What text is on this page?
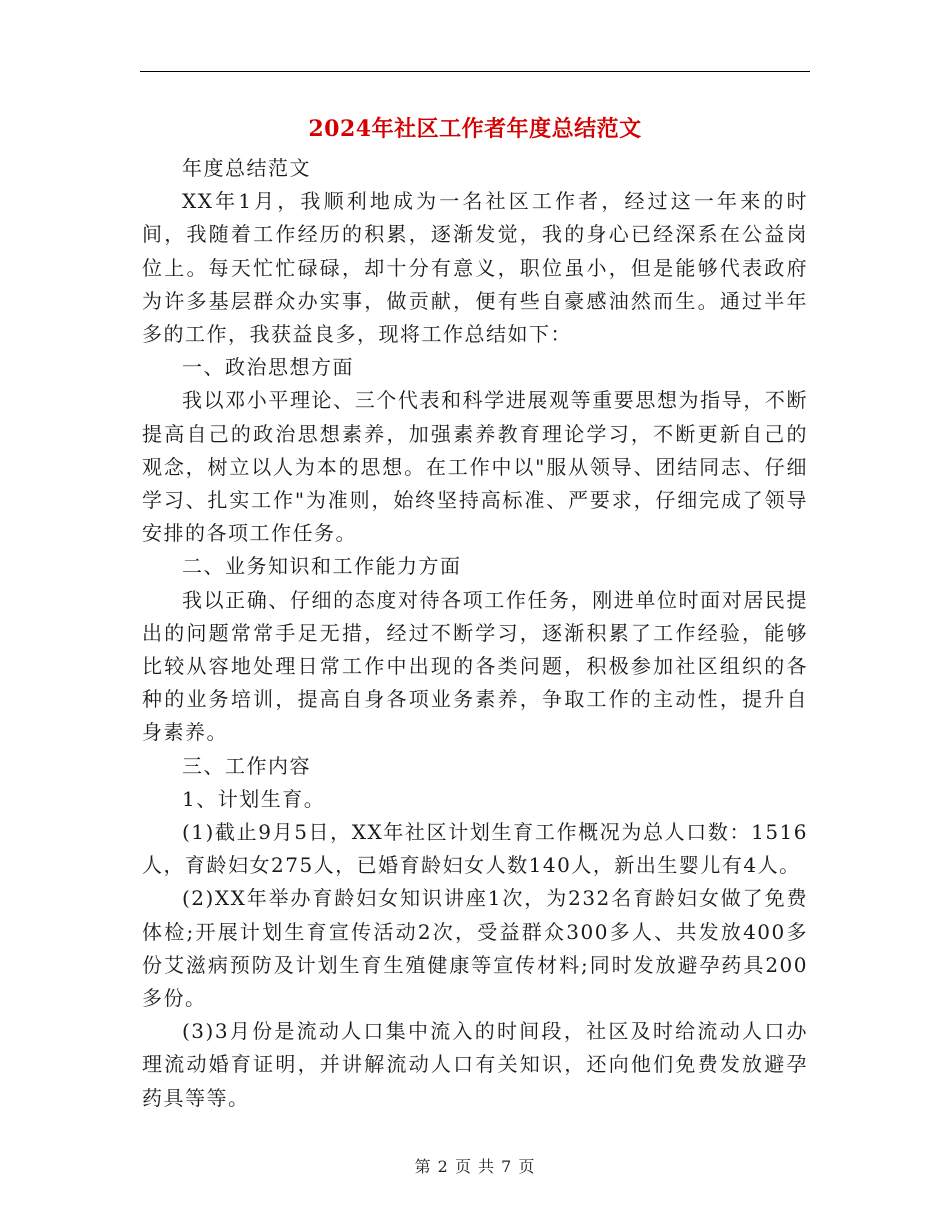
2024年社区工作者年度总结范文

年度总结范文

XX年1月，我顺利地成为一名社区工作者，经过这一年来的时间，我随着工作经历的积累，逐渐发觉，我的身心已经深系在公益岗位上。每天忙忙碌碌，却十分有意义，职位虽小，但是能够代表政府为许多基层群众办实事，做贡献，便有些自豪感油然而生。通过半年多的工作，我获益良多，现将工作总结如下：

一、政治思想方面

我以邓小平理论、三个代表和科学进展观等重要思想为指导，不断提高自己的政治思想素养，加强素养教育理论学习，不断更新自己的观念，树立以人为本的思想。在工作中以"服从领导、团结同志、仔细学习、扎实工作"为准则，始终坚持高标准、严要求，仔细完成了领导安排的各项工作任务。

二、业务知识和工作能力方面

我以正确、仔细的态度对待各项工作任务，刚进单位时面对居民提出的问题常常手足无措，经过不断学习，逐渐积累了工作经验，能够比较从容地处理日常工作中出现的各类问题，积极参加社区组织的各种的业务培训，提高自身各项业务素养，争取工作的主动性，提升自身素养。

三、工作内容

1、计划生育。

(1)截止9月5日，XX年社区计划生育工作概况为总人口数：1516人，育龄妇女275人，已婚育龄妇女人数140人，新出生婴儿有4人。

(2)XX年举办育龄妇女知识讲座1次，为232名育龄妇女做了免费体检;开展计划生育宣传活动2次，受益群众300多人、共发放400多份艾滋病预防及计划生育生殖健康等宣传材料;同时发放避孕药具200多份。

(3)3月份是流动人口集中流入的时间段，社区及时给流动人口办理流动婚育证明，并讲解流动人口有关知识，还向他们免费发放避孕药具等等。

第 2 页 共 7 页
